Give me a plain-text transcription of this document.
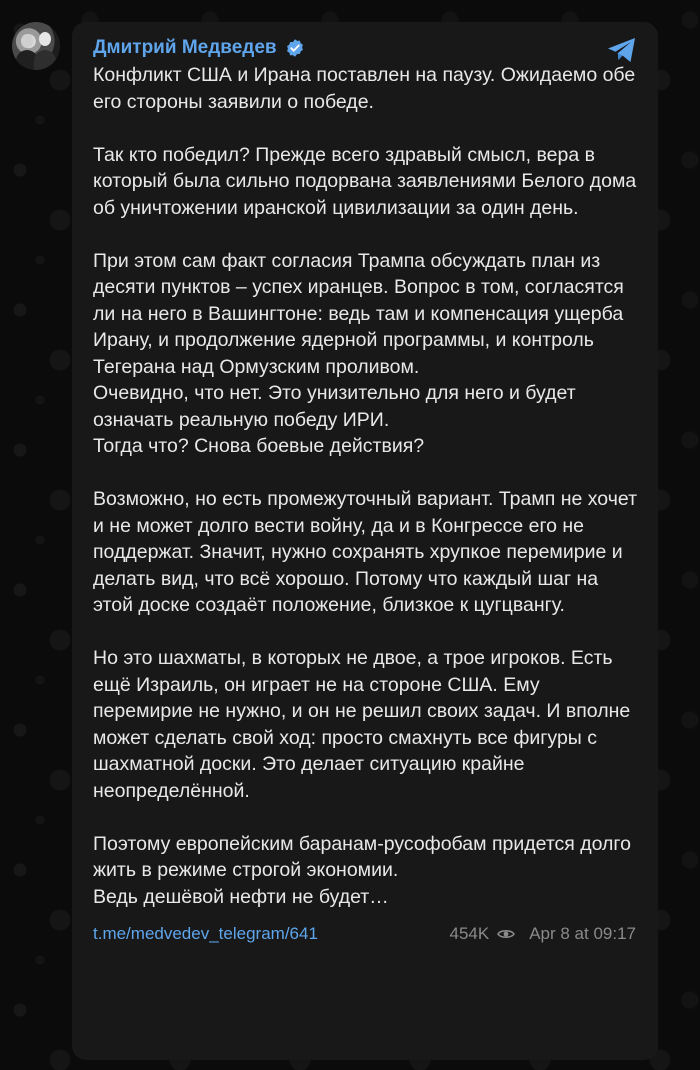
Дмитрий Медведев

Конфликт США и Ирана поставлен на паузу. Ожидаемо обе его стороны заявили о победе.

Так кто победил? Прежде всего здравый смысл, вера в который была сильно подорвана заявлениями Белого дома об уничтожении иранской цивилизации за один день.

При этом сам факт согласия Трампа обсуждать план из десяти пунктов – успех иранцев. Вопрос в том, согласятся ли на него в Вашингтоне: ведь там и компенсация ущерба Ирану, и продолжение ядерной программы, и контроль Тегерана над Ормузским проливом.
Очевидно, что нет. Это унизительно для него и будет означать реальную победу ИРИ.
Тогда что? Снова боевые действия?

Возможно, но есть промежуточный вариант. Трамп не хочет и не может долго вести войну, да и в Конгрессе его не поддержат. Значит, нужно сохранять хрупкое перемирие и делать вид, что всё хорошо. Потому что каждый шаг на этой доске создаёт положение, близкое к цугцвангу.

Но это шахматы, в которых не двое, а трое игроков. Есть ещё Израиль, он играет не на стороне США. Ему перемирие не нужно, и он не решил своих задач. И вполне может сделать свой ход: просто смахнуть все фигуры с шахматной доски. Это делает ситуацию крайне неопределённой.

Поэтому европейским баранам-русофобам придется долго жить в режиме строгой экономии.
Ведь дешёвой нефти не будет…

t.me/medvedev_telegram/641	454K Apr 8 at 09:17
